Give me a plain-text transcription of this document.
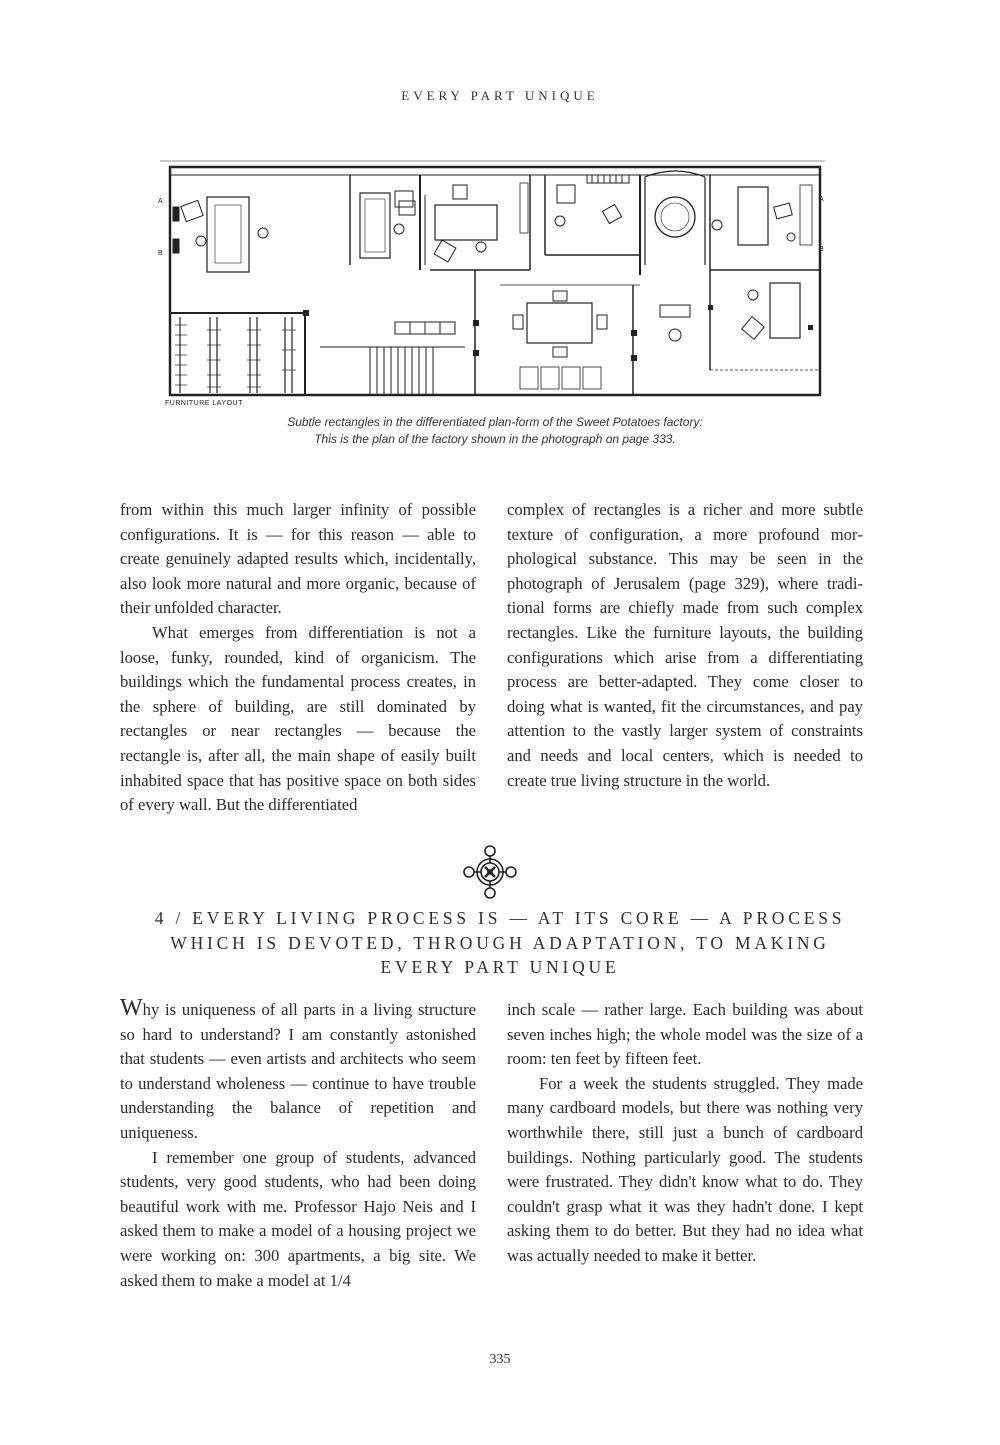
EVERY PART UNIQUE
A
B
A
B
FURNITURE LAYOUT
Subtle rectangles in the differentiated plan-form of the Sweet Potatoes factory:
This is the plan of the factory shown in the photograph on page 333.

from within this much larger infinity of possible configurations. It is — for this reason — able to create genuinely adapted results which, incidentally, also look more natural and more organic, because of their unfolded character.

What emerges from differentiation is not a loose, funky, rounded, kind of organicism. The buildings which the fundamental process creates, in the sphere of building, are still dominated by rectangles or near rectangles — because the rectangle is, after all, the main shape of easily built inhabited space that has positive space on both sides of every wall. But the differentiated

complex of rectangles is a richer and more subtle texture of configuration, a more profound morphological substance. This may be seen in the photograph of Jerusalem (page 329), where traditional forms are chiefly made from such complex rectangles. Like the furniture layouts, the building configurations which arise from a differentiating process are better-adapted. They come closer to doing what is wanted, fit the circumstances, and pay attention to the vastly larger system of constraints and needs and local centers, which is needed to create true living structure in the world.

4 / EVERY LIVING PROCESS IS — AT ITS CORE — A PROCESS
WHICH IS DEVOTED, THROUGH ADAPTATION, TO MAKING
EVERY PART UNIQUE

Why is uniqueness of all parts in a living structure so hard to understand? I am constantly astonished that students — even artists and architects who seem to understand wholeness — continue to have trouble understanding the balance of repetition and uniqueness.

I remember one group of students, advanced students, very good students, who had been doing beautiful work with me. Professor Hajo Neis and I asked them to make a model of a housing project we were working on: 300 apartments, a big site. We asked them to make a model at 1/4

inch scale — rather large. Each building was about seven inches high; the whole model was the size of a room: ten feet by fifteen feet.

For a week the students struggled. They made many cardboard models, but there was nothing very worthwhile there, still just a bunch of cardboard buildings. Nothing particularly good. The students were frustrated. They didn't know what to do. They couldn't grasp what it was they hadn't done. I kept asking them to do better. But they had no idea what was actually needed to make it better.

335
